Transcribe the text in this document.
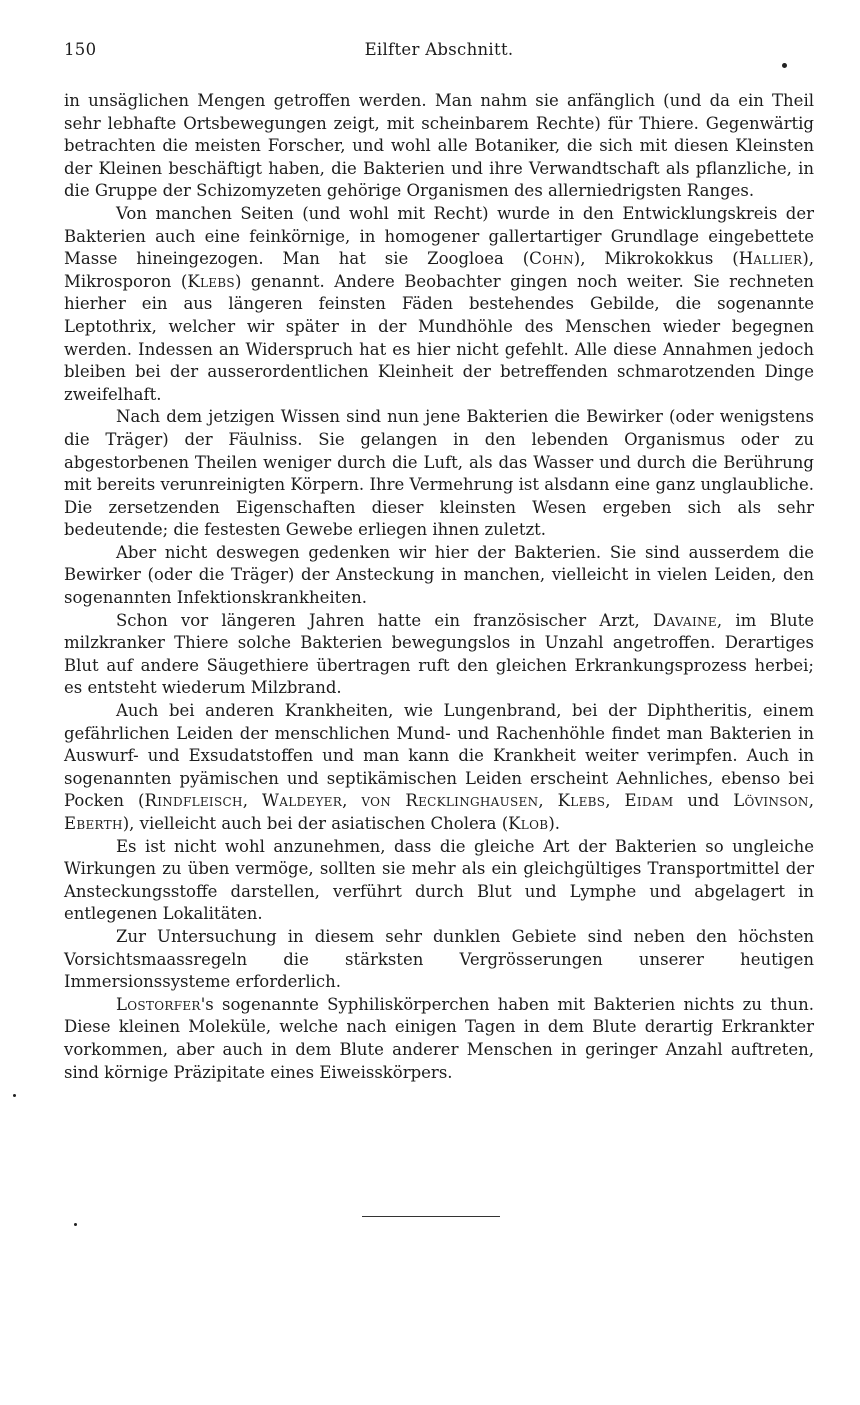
150	Eilfter Abschnitt.

in unsäglichen Mengen getroffen werden. Man nahm sie anfänglich (und da ein Theil sehr lebhafte Ortsbewegungen zeigt, mit scheinbarem Rechte) für Thiere. Gegenwärtig betrachten die meisten Forscher, und wohl alle Botaniker, die sich mit diesen Kleinsten der Kleinen beschäftigt haben, die Bakterien und ihre Verwandtschaft als pflanzliche, in die Gruppe der Schizomyzeten gehörige Organismen des allerniedrigsten Ranges.

Von manchen Seiten (und wohl mit Recht) wurde in den Entwicklungskreis der Bakterien auch eine feinkörnige, in homogener gallertartiger Grundlage eingebettete Masse hineingezogen. Man hat sie Zoogloea (Cohn), Mikrokokkus (Hallier), Mikrosporon (Klebs) genannt. Andere Beobachter gingen noch weiter. Sie rechneten hierher ein aus längeren feinsten Fäden bestehendes Gebilde, die sogenannte Leptothrix, welcher wir später in der Mundhöhle des Menschen wieder begegnen werden. Indessen an Widerspruch hat es hier nicht gefehlt. Alle diese Annahmen jedoch bleiben bei der ausserordentlichen Kleinheit der betreffenden schmarotzenden Dinge zweifelhaft.

Nach dem jetzigen Wissen sind nun jene Bakterien die Bewirker (oder wenigstens die Träger) der Fäulniss. Sie gelangen in den lebenden Organismus oder zu abgestorbenen Theilen weniger durch die Luft, als das Wasser und durch die Berührung mit bereits verunreinigten Körpern. Ihre Vermehrung ist alsdann eine ganz unglaubliche. Die zersetzenden Eigenschaften dieser kleinsten Wesen ergeben sich als sehr bedeutende; die festesten Gewebe erliegen ihnen zuletzt.

Aber nicht deswegen gedenken wir hier der Bakterien. Sie sind ausserdem die Bewirker (oder die Träger) der Ansteckung in manchen, vielleicht in vielen Leiden, den sogenannten Infektionskrankheiten.

Schon vor längeren Jahren hatte ein französischer Arzt, Davaine, im Blute milzkranker Thiere solche Bakterien bewegungslos in Unzahl angetroffen. Derartiges Blut auf andere Säugethiere übertragen ruft den gleichen Erkrankungsprozess herbei; es entsteht wiederum Milzbrand.

Auch bei anderen Krankheiten, wie Lungenbrand, bei der Diphtheritis, einem gefährlichen Leiden der menschlichen Mund- und Rachenhöhle findet man Bakterien in Auswurf- und Exsudatstoffen und man kann die Krankheit weiter verimpfen. Auch in sogenannten pyämischen und septikämischen Leiden erscheint Aehnliches, ebenso bei Pocken (Rindfleisch, Waldeyer, von Recklinghausen, Klebs, Eidam und Lövinson, Eberth), vielleicht auch bei der asiatischen Cholera (Klob).

Es ist nicht wohl anzunehmen, dass die gleiche Art der Bakterien so ungleiche Wirkungen zu üben vermöge, sollten sie mehr als ein gleichgültiges Transportmittel der Ansteckungsstoffe darstellen, verführt durch Blut und Lymphe und abgelagert in entlegenen Lokalitäten.

Zur Untersuchung in diesem sehr dunklen Gebiete sind neben den höchsten Vorsichtsmaassregeln die stärksten Vergrösserungen unserer heutigen Immersionssysteme erforderlich.

Lostorfer's sogenannte Syphiliskörperchen haben mit Bakterien nichts zu thun. Diese kleinen Moleküle, welche nach einigen Tagen in dem Blute derartig Erkrankter vorkommen, aber auch in dem Blute anderer Menschen in geringer Anzahl auftreten, sind körnige Präzipitate eines Eiweisskörpers.
